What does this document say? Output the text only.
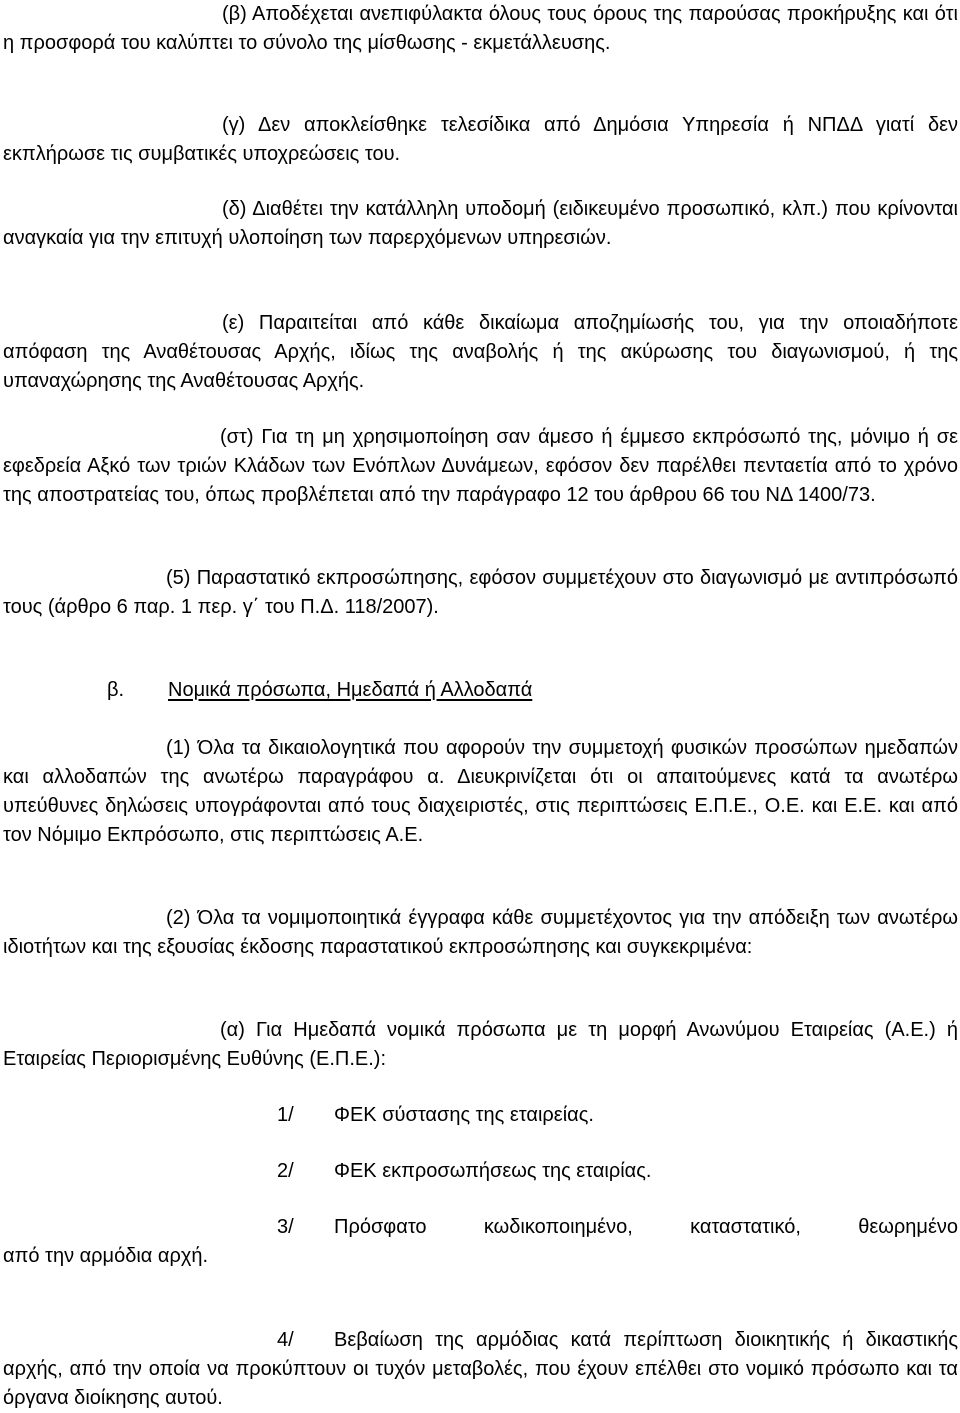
(β) Αποδέχεται ανεπιφύλακτα όλους τους όρους της παρούσας προκήρυξης και ότι η προσφορά του καλύπτει το σύνολο της μίσθωσης - εκμετάλλευσης.

(γ) Δεν αποκλείσθηκε τελεσίδικα από Δημόσια Υπηρεσία ή ΝΠΔΔ γιατί δεν εκπλήρωσε τις συμβατικές υποχρεώσεις του.

(δ) Διαθέτει την κατάλληλη υποδομή (ειδικευμένο προσωπικό, κλπ.) που κρίνονται αναγκαία για την επιτυχή υλοποίηση των παρερχόμενων υπηρεσιών.

(ε) Παραιτείται από κάθε δικαίωμα αποζημίωσής του, για την οποιαδήποτε απόφαση της Αναθέτουσας Αρχής, ιδίως της αναβολής ή της ακύρωσης του διαγωνισμού, ή της υπαναχώρησης της Αναθέτουσας Αρχής.

(στ) Για τη μη χρησιμοποίηση σαν άμεσο ή έμμεσο εκπρόσωπό της, μόνιμο ή σε εφεδρεία Αξκό των τριών Κλάδων των Ενόπλων Δυνάμεων, εφόσον δεν παρέλθει πενταετία από το χρόνο της αποστρατείας του, όπως προβλέπεται από την παράγραφο 12 του άρθρου 66 του ΝΔ 1400/73.

(5) Παραστατικό εκπροσώπησης, εφόσον συμμετέχουν στο διαγωνισμό με αντιπρόσωπό τους (άρθρο 6 παρ. 1 περ. γ΄ του Π.Δ. 118/2007).

β. Νομικά πρόσωπα, Ημεδαπά ή Αλλοδαπά

(1) Όλα τα δικαιολογητικά που αφορούν την συμμετοχή φυσικών προσώπων ημεδαπών και αλλοδαπών της ανωτέρω παραγράφου α. Διευκρινίζεται ότι οι απαιτούμενες κατά τα ανωτέρω υπεύθυνες δηλώσεις υπογράφονται από τους διαχειριστές, στις περιπτώσεις Ε.Π.Ε., Ο.Ε. και Ε.Ε. και από τον Νόμιμο Εκπρόσωπο, στις περιπτώσεις Α.Ε.

(2) Όλα τα νομιμοποιητικά έγγραφα κάθε συμμετέχοντος για την απόδειξη των ανωτέρω ιδιοτήτων και της εξουσίας έκδοσης παραστατικού εκπροσώπησης και συγκεκριμένα:

(α) Για Ημεδαπά νομικά πρόσωπα με τη μορφή Ανωνύμου Εταιρείας (Α.Ε.) ή Εταιρείας Περιορισμένης Ευθύνης (Ε.Π.Ε.):

1/ ΦΕΚ σύστασης της εταιρείας.
2/ ΦΕΚ εκπροσωπήσεως της εταιρίας.
3/	Πρόσφατο κωδικοποιημένο, καταστατικό, θεωρημένο

από την αρμόδια αρχή.

4/ Βεβαίωση της αρμόδιας κατά περίπτωση διοικητικής ή δικαστικής αρχής, από την οποία να προκύπτουν οι τυχόν μεταβολές, που έχουν επέλθει στο νομικό πρόσωπο και τα όργανα διοίκησης αυτού.
